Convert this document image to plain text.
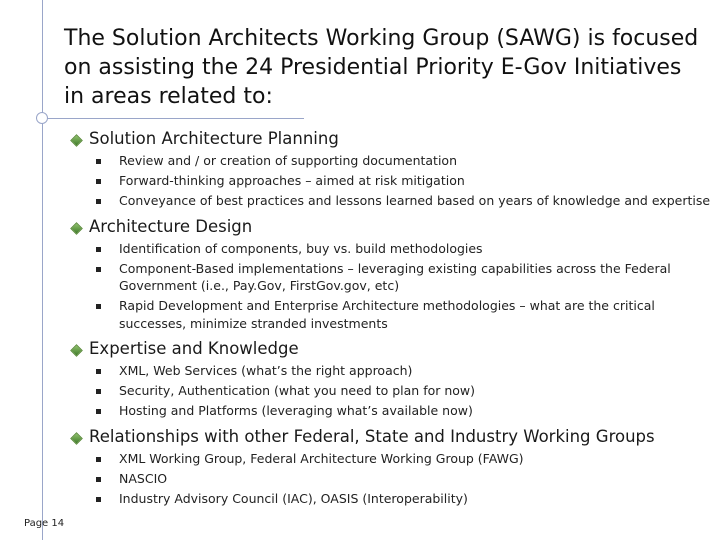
The Solution Architects Working Group (SAWG) is focused on assisting the 24 Presidential Priority E-Gov Initiatives in areas related to:
Solution Architecture Planning
Review and / or creation of supporting documentation
Forward-thinking approaches – aimed at risk mitigation
Conveyance of best practices and lessons learned based on years of knowledge and expertise
Architecture Design
Identification of components, buy vs. build methodologies
Component-Based implementations – leveraging existing capabilities across the Federal Government (i.e., Pay.Gov, FirstGov.gov, etc)
Rapid Development and Enterprise Architecture methodologies – what are the critical successes, minimize stranded investments
Expertise and Knowledge
XML, Web Services (what’s the right approach)
Security, Authentication (what you need to plan for now)
Hosting and Platforms (leveraging what’s available now)
Relationships with other Federal, State and Industry Working Groups
XML Working Group, Federal Architecture Working Group (FAWG)
NASCIO
Industry Advisory Council (IAC), OASIS (Interoperability)
Page 14
